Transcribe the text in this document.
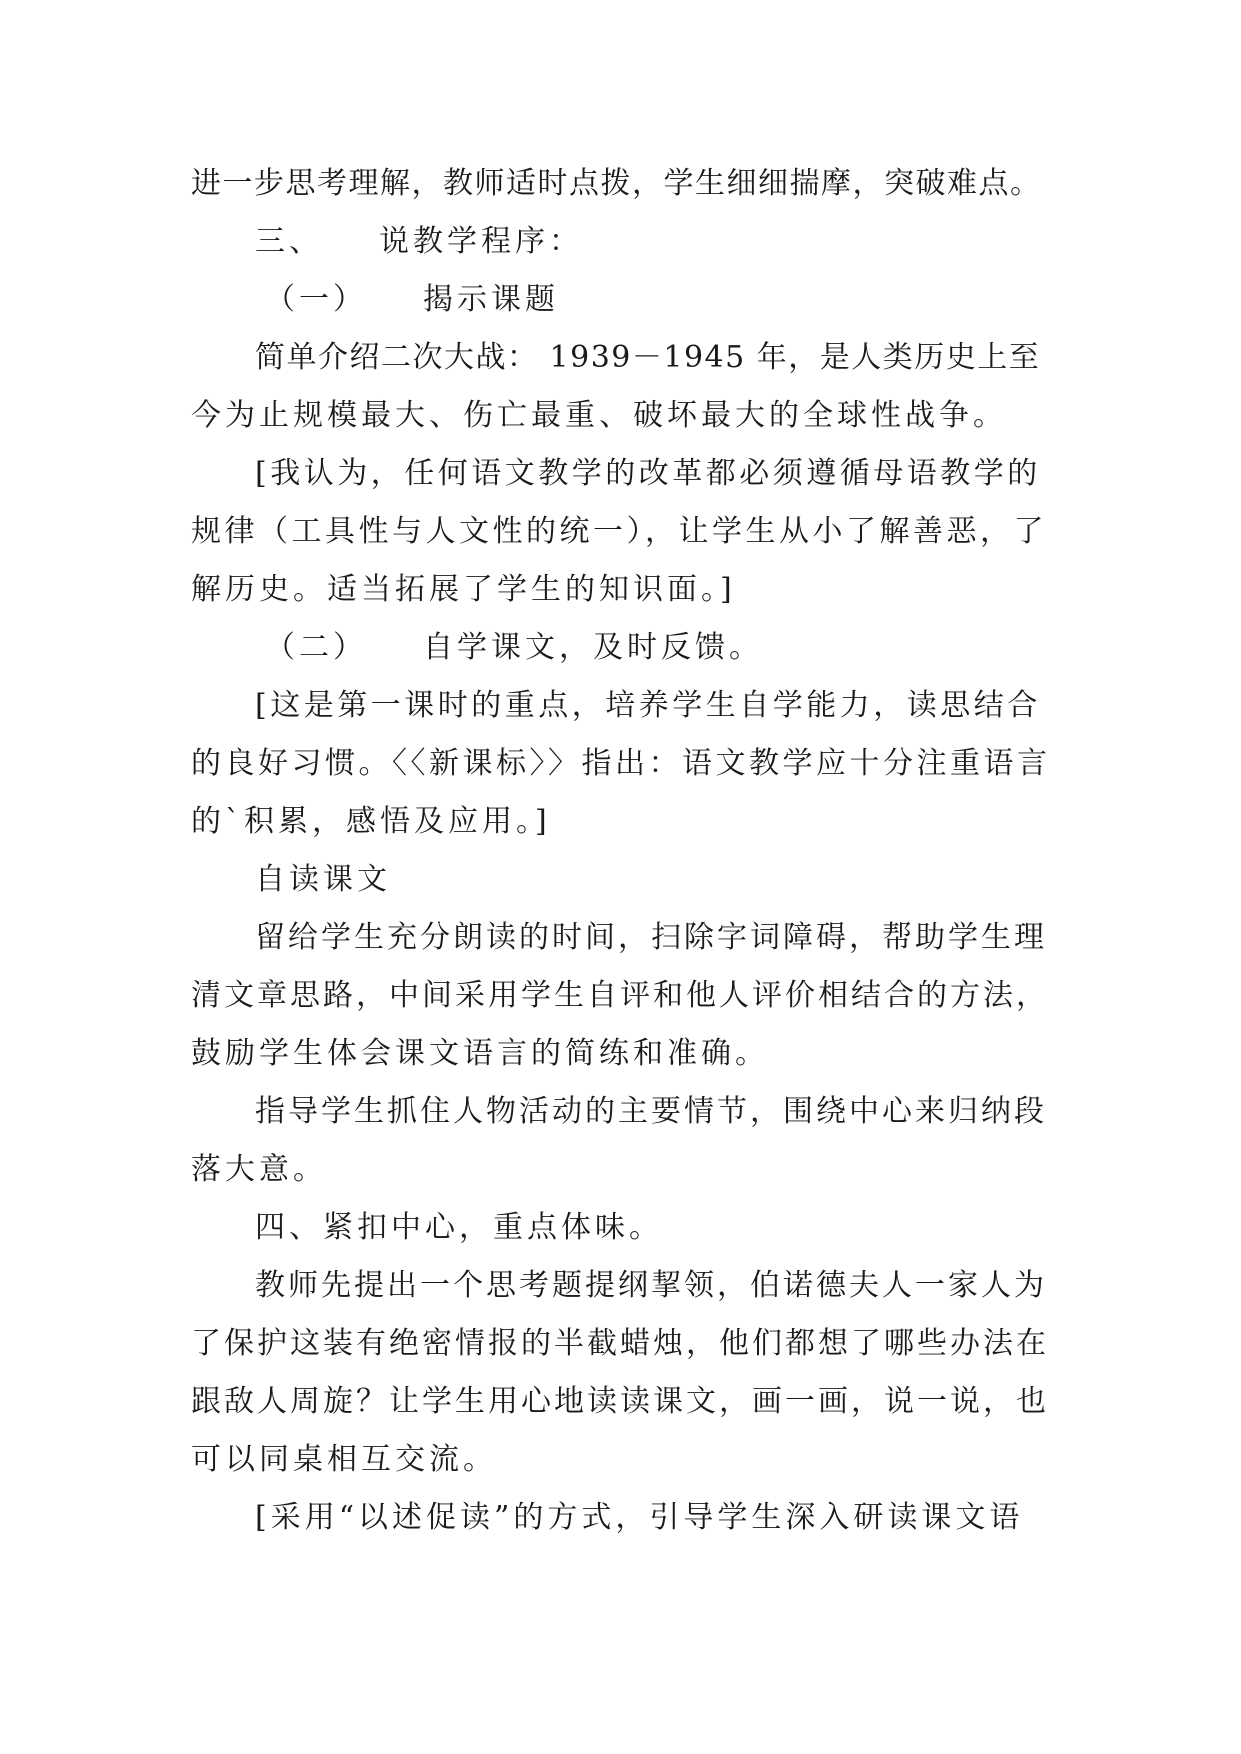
进一步思考理解，教师适时点拨，学生细细揣摩，突破难点。

三、 说教学程序：

（一） 揭示课题

简单介绍二次大战： 1939－1945 年，是人类历史上至

今为止规模最大、伤亡最重、破坏最大的全球性战争。

[我认为，任何语文教学的改革都必须遵循母语教学的

规律（工具性与人文性的统一），让学生从小了解善恶，了

解历史。适当拓展了学生的知识面。]

（二） 自学课文，及时反馈。

[这是第一课时的重点，培养学生自学能力，读思结合

的良好习惯。〈〈新课标〉〉指出：语文教学应十分注重语言

的`积累，感悟及应用。]

自读课文

留给学生充分朗读的时间，扫除字词障碍，帮助学生理

清文章思路，中间采用学生自评和他人评价相结合的方法，

鼓励学生体会课文语言的简练和准确。

指导学生抓住人物活动的主要情节，围绕中心来归纳段

落大意。

四、紧扣中心，重点体味。

教师先提出一个思考题提纲挈领，伯诺德夫人一家人为

了保护这装有绝密情报的半截蜡烛，他们都想了哪些办法在

跟敌人周旋？让学生用心地读读课文，画一画，说一说，也

可以同桌相互交流。

[采用“以述促读”的方式，引导学生深入研读课文语
